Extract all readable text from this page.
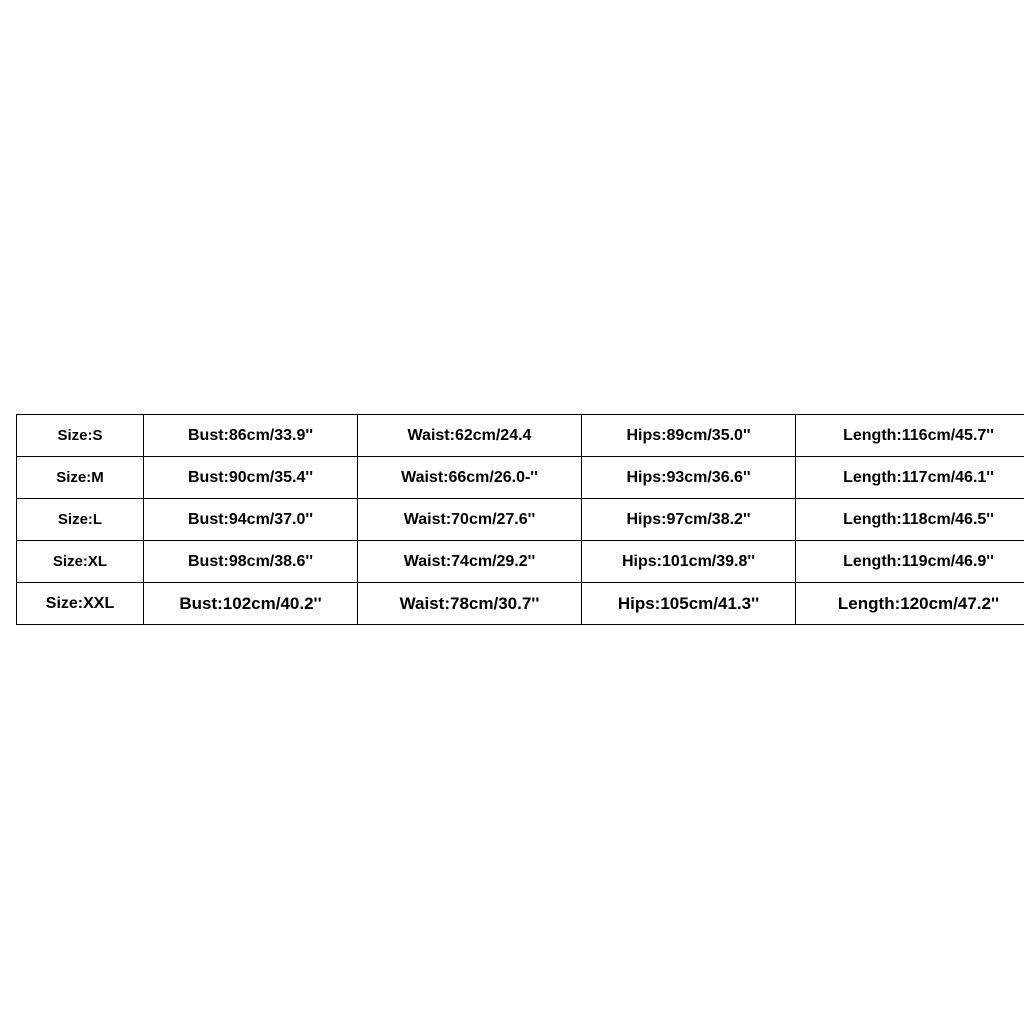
Size:S	Bust:86cm/33.9''	Waist:62cm/24.4	Hips:89cm/35.0''	Length:116cm/45.7''
Size:M	Bust:90cm/35.4''	Waist:66cm/26.0-''	Hips:93cm/36.6''	Length:117cm/46.1''
Size:L	Bust:94cm/37.0''	Waist:70cm/27.6''	Hips:97cm/38.2''	Length:118cm/46.5''
Size:XL	Bust:98cm/38.6''	Waist:74cm/29.2''	Hips:101cm/39.8''	Length:119cm/46.9''
Size:XXL	Bust:102cm/40.2''	Waist:78cm/30.7''	Hips:105cm/41.3''	Length:120cm/47.2''
